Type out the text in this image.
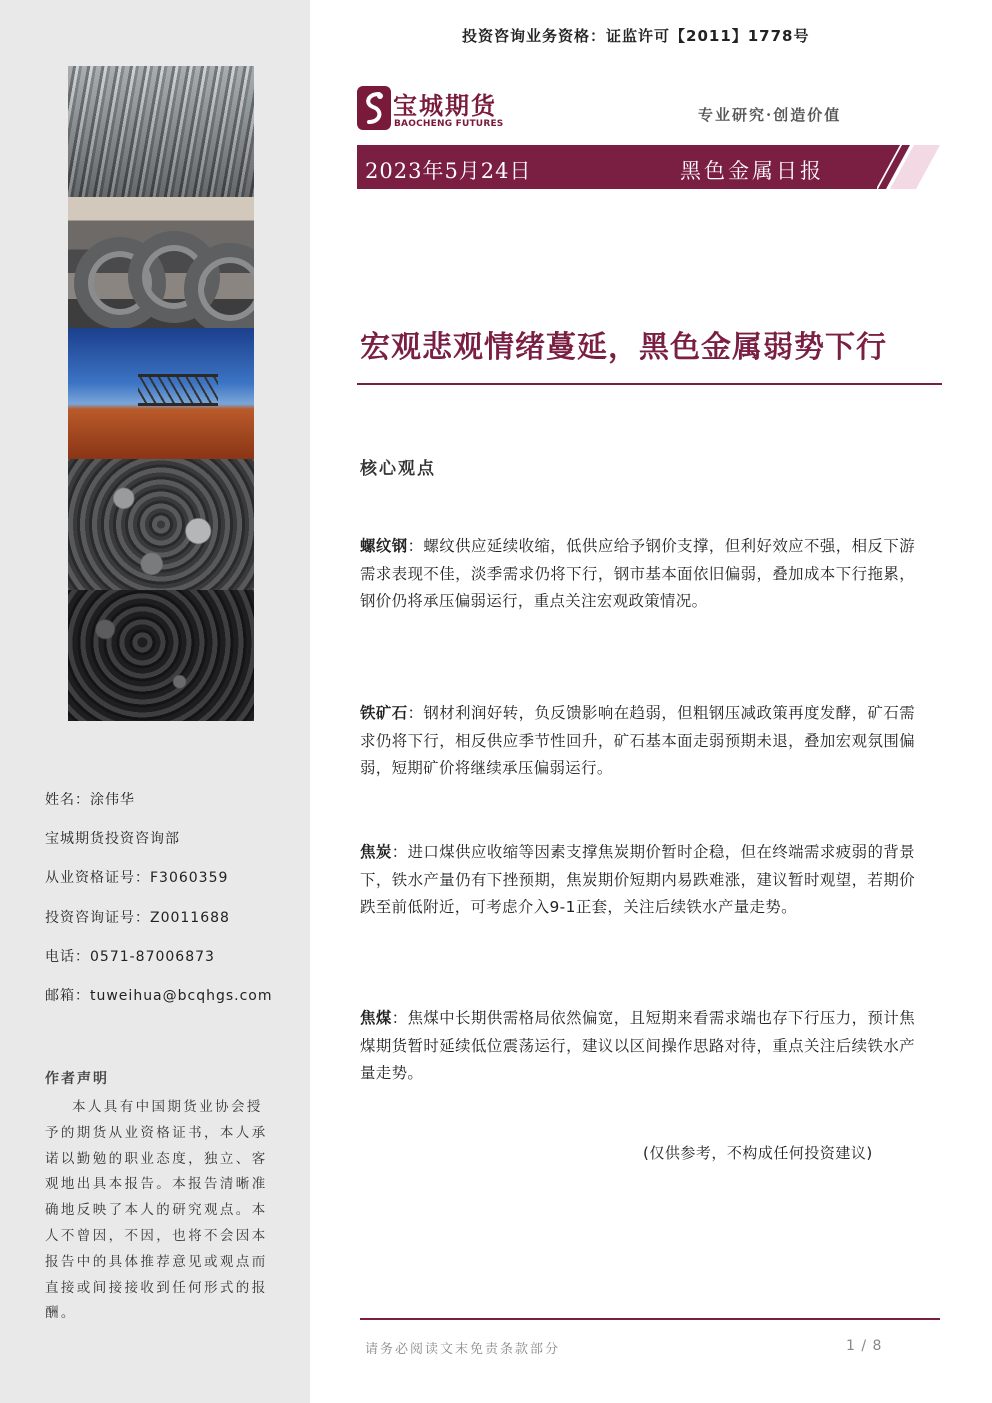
姓名：涂伟华
宝城期货投资咨询部
从业资格证号：F3060359
投资咨询证号：Z0011688
电话：0571-87006873
邮箱：tuweihua@bcqhgs.com
作者声明
本人具有中国期货业协会授予的期货从业资格证书，本人承诺以勤勉的职业态度，独立、客观地出具本报告。本报告清晰准确地反映了本人的研究观点。本人不曾因，不因，也将不会因本报告中的具体推荐意见或观点而直接或间接接收到任何形式的报酬。
投资咨询业务资格：证监许可【2011】1778号
宝城期货
BAOCHENG FUTURES	专业研究·创造价值
2023年5月24日	黑色金属日报
宏观悲观情绪蔓延，黑色金属弱势下行
核心观点
螺纹钢：螺纹供应延续收缩，低供应给予钢价支撑，但利好效应不强，相反下游需求表现不佳，淡季需求仍将下行，钢市基本面依旧偏弱，叠加成本下行拖累，钢价仍将承压偏弱运行，重点关注宏观政策情况。
铁矿石：钢材利润好转，负反馈影响在趋弱，但粗钢压减政策再度发酵，矿石需求仍将下行，相反供应季节性回升，矿石基本面走弱预期未退，叠加宏观氛围偏弱，短期矿价将继续承压偏弱运行。
焦炭：进口煤供应收缩等因素支撑焦炭期价暂时企稳，但在终端需求疲弱的背景下，铁水产量仍有下挫预期，焦炭期价短期内易跌难涨，建议暂时观望，若期价跌至前低附近，可考虑介入9-1正套，关注后续铁水产量走势。
焦煤：焦煤中长期供需格局依然偏宽，且短期来看需求端也存下行压力，预计焦煤期货暂时延续低位震荡运行，建议以区间操作思路对待，重点关注后续铁水产量走势。
(仅供参考，不构成任何投资建议)
请务必阅读文末免责条款部分	1 / 8
